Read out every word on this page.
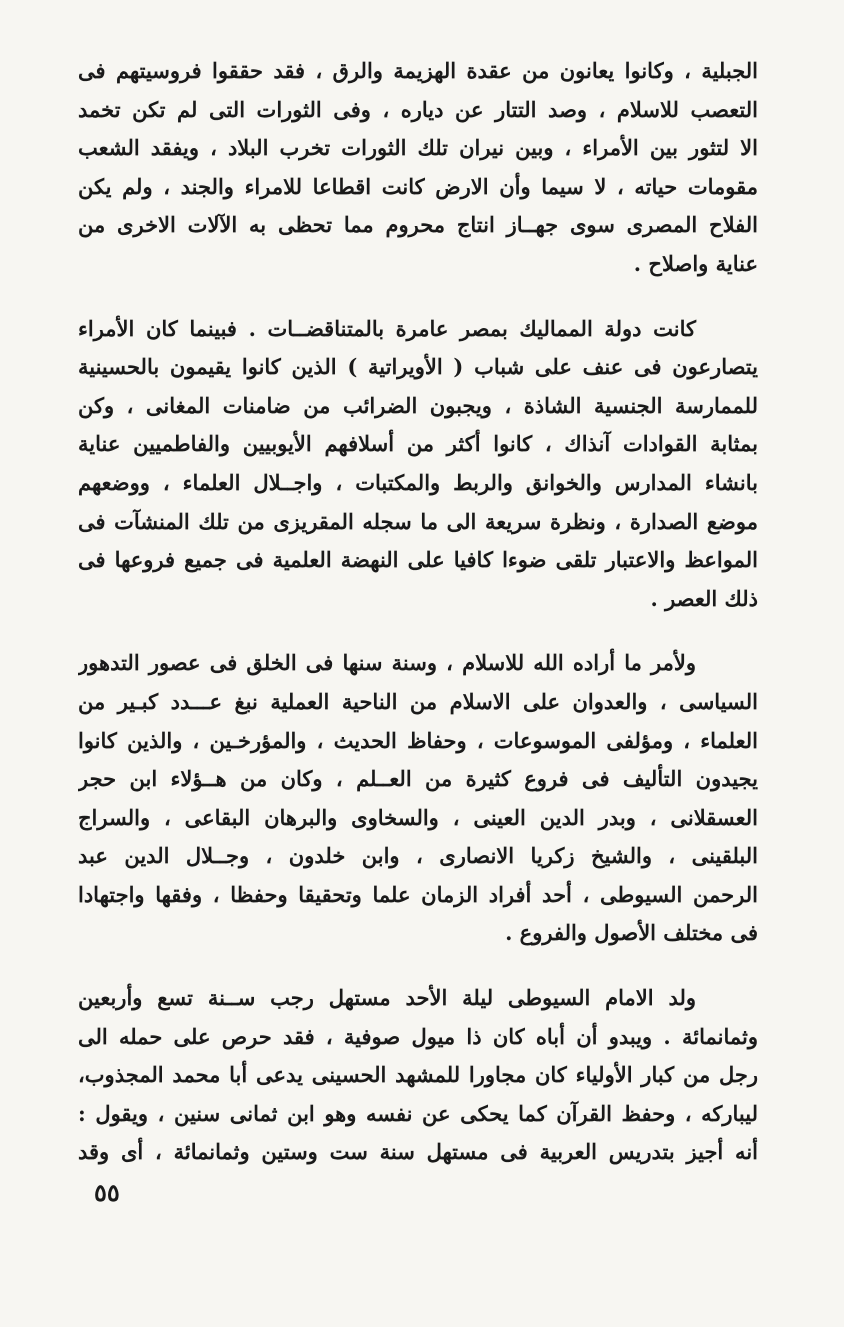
الجبلية ، وكانوا يعانون من عقدة الهزيمة والرق ، فقد حققوا فروسيتهم فى
التعصب للاسلام ، وصد التتار عن دياره ، وفى الثورات التى لم تكن تخمد
الا لتثور بين الأمراء ، وبين نيران تلك الثورات تخرب البلاد ، ويفقد الشعب
مقومات حياته ، لا سيما وأن الارض كانت اقطاعا للامراء والجند ، ولم يكن
الفلاح المصرى سوى جهــاز انتاج محروم مما تحظى به الآلات الاخرى من
عناية واصلاح .
كانت دولة المماليك بمصر عامرة بالمتناقضــات . فبينما كان الأمراء
يتصارعون فى عنف على شباب ( الأويراتية ) الذين كانوا يقيمون بالحسينية
للممارسة الجنسية الشاذة ، ويجبون الضرائب من ضامنات المغانى ، وكن
بمثابة القوادات آنذاك ، كانوا أكثر من أسلافهم الأيوبيين والفاطميين عناية
بانشاء المدارس والخوانق والربط والمكتبات ، واجــلال العلماء ، ووضعهم
موضع الصدارة ، ونظرة سريعة الى ما سجله المقريزى من تلك المنشآت فى
المواعظ والاعتبار تلقى ضوءا كافيا على النهضة العلمية فى جميع فروعها فى
ذلك العصر .
ولأمر ما أراده الله للاسلام ، وسنة سنها فى الخلق فى عصور التدهور
السياسى ، والعدوان على الاسلام من الناحية العملية نبغ عـــدد كبـير من
العلماء ، ومؤلفى الموسوعات ، وحفاظ الحديث ، والمؤرخـين ، والذين كانوا
يجيدون التأليف فى فروع كثيرة من العــلم ، وكان من هــؤلاء ابن حجر
العسقلانى ، وبدر الدين العينى ، والسخاوى والبرهان البقاعى ، والسراج
البلقينى ، والشيخ زكريا الانصارى ، وابن خلدون ، وجــلال الدين عبد
الرحمن السيوطى ، أحد أفراد الزمان علما وتحقيقا وحفظا ، وفقها واجتهادا
فى مختلف الأصول والفروع .
ولد الامام السيوطى ليلة الأحد مستهل رجب ســنة تسع وأربعين
وثمانمائة . ويبدو أن أباه كان ذا ميول صوفية ، فقد حرص على حمله الى
رجل من كبار الأولياء كان مجاورا للمشهد الحسينى يدعى أبا محمد المجذوب،
ليباركه ، وحفظ القرآن كما يحكى عن نفسه وهو ابن ثمانى سنين ، ويقول :
أنه أجيز بتدريس العربية فى مستهل سنة ست وستين وثمانمائة ، أى وقد
٥٥
